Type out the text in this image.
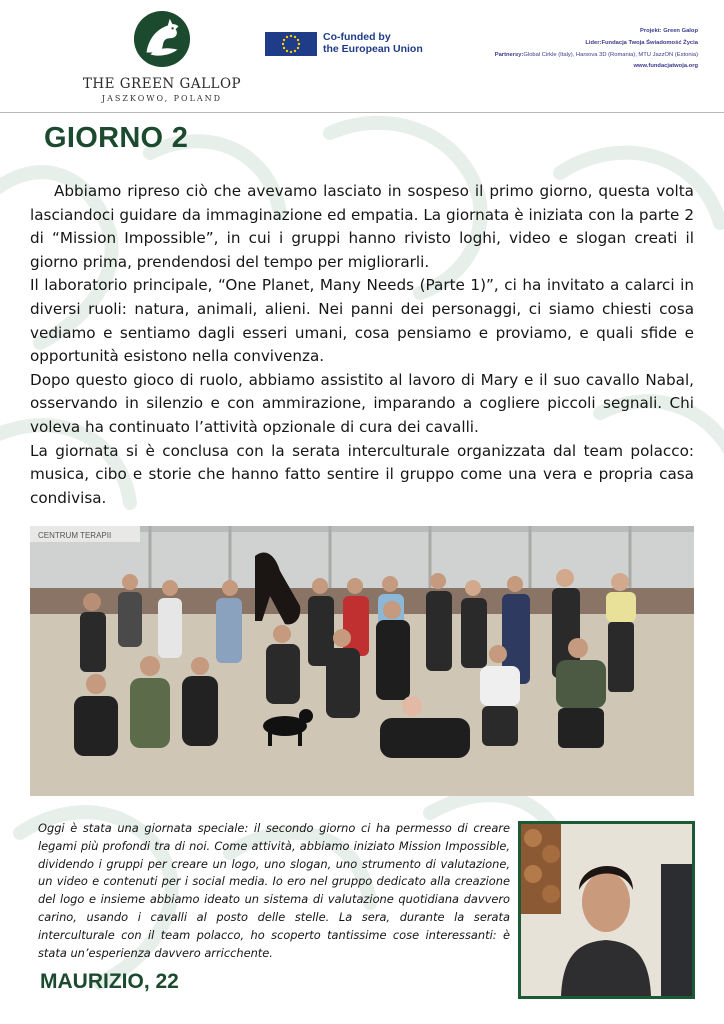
THE GREEN GALLOP
JASZKOWO, POLAND
Co-funded by
the European Union
Projekt: Green Galop
Lider:Fundacja Twoja Świadomość Życia
Partnersy:Global Cirkle (Italy), Harsova 3D (Romania), MTU JazzON (Estonia)
www.fundacjatwoja.org
GIORNO 2

Abbiamo ripreso ciò che avevamo lasciato in sospeso il primo giorno, questa volta lasciandoci guidare da immaginazione ed empatia. La giornata è iniziata con la parte 2 di “Mission Impossible”, in cui i gruppi hanno rivisto loghi, video e slogan creati il giorno prima, prendendosi del tempo per migliorarli.

Il laboratorio principale, “One Planet, Many Needs (Parte 1)”, ci ha invitato a calarci in diversi ruoli: natura, animali, alieni. Nei panni dei personaggi, ci siamo chiesti cosa vediamo e sentiamo dagli esseri umani, cosa pensiamo e proviamo, e quali sfide e opportunità esistono nella convivenza.

Dopo questo gioco di ruolo, abbiamo assistito al lavoro di Mary e il suo cavallo Nabal, osservando in silenzio e con ammirazione, imparando a cogliere piccoli segnali. Chi voleva ha continuato l’attività opzionale di cura dei cavalli.

La giornata si è conclusa con la serata interculturale organizzata dal team polacco: musica, cibo e storie che hanno fatto sentire il gruppo come una vera e propria casa condivisa.

CENTRUM TERAPII
Oggi è stata una giornata speciale: il secondo giorno ci ha permesso di creare legami più profondi tra di noi. Come attività, abbiamo iniziato Mission Impossible, dividendo i gruppi per creare un logo, uno slogan, uno strumento di valutazione, un video e contenuti per i social media. Io ero nel gruppo dedicato alla creazione del logo e insieme abbiamo ideato un sistema di valutazione quotidiana davvero carino, usando i cavalli al posto delle stelle. La sera, durante la serata interculturale con il team polacco, ho scoperto tantissime cose interessanti: è stata un’esperienza davvero arricchente.
MAURIZIO, 22
